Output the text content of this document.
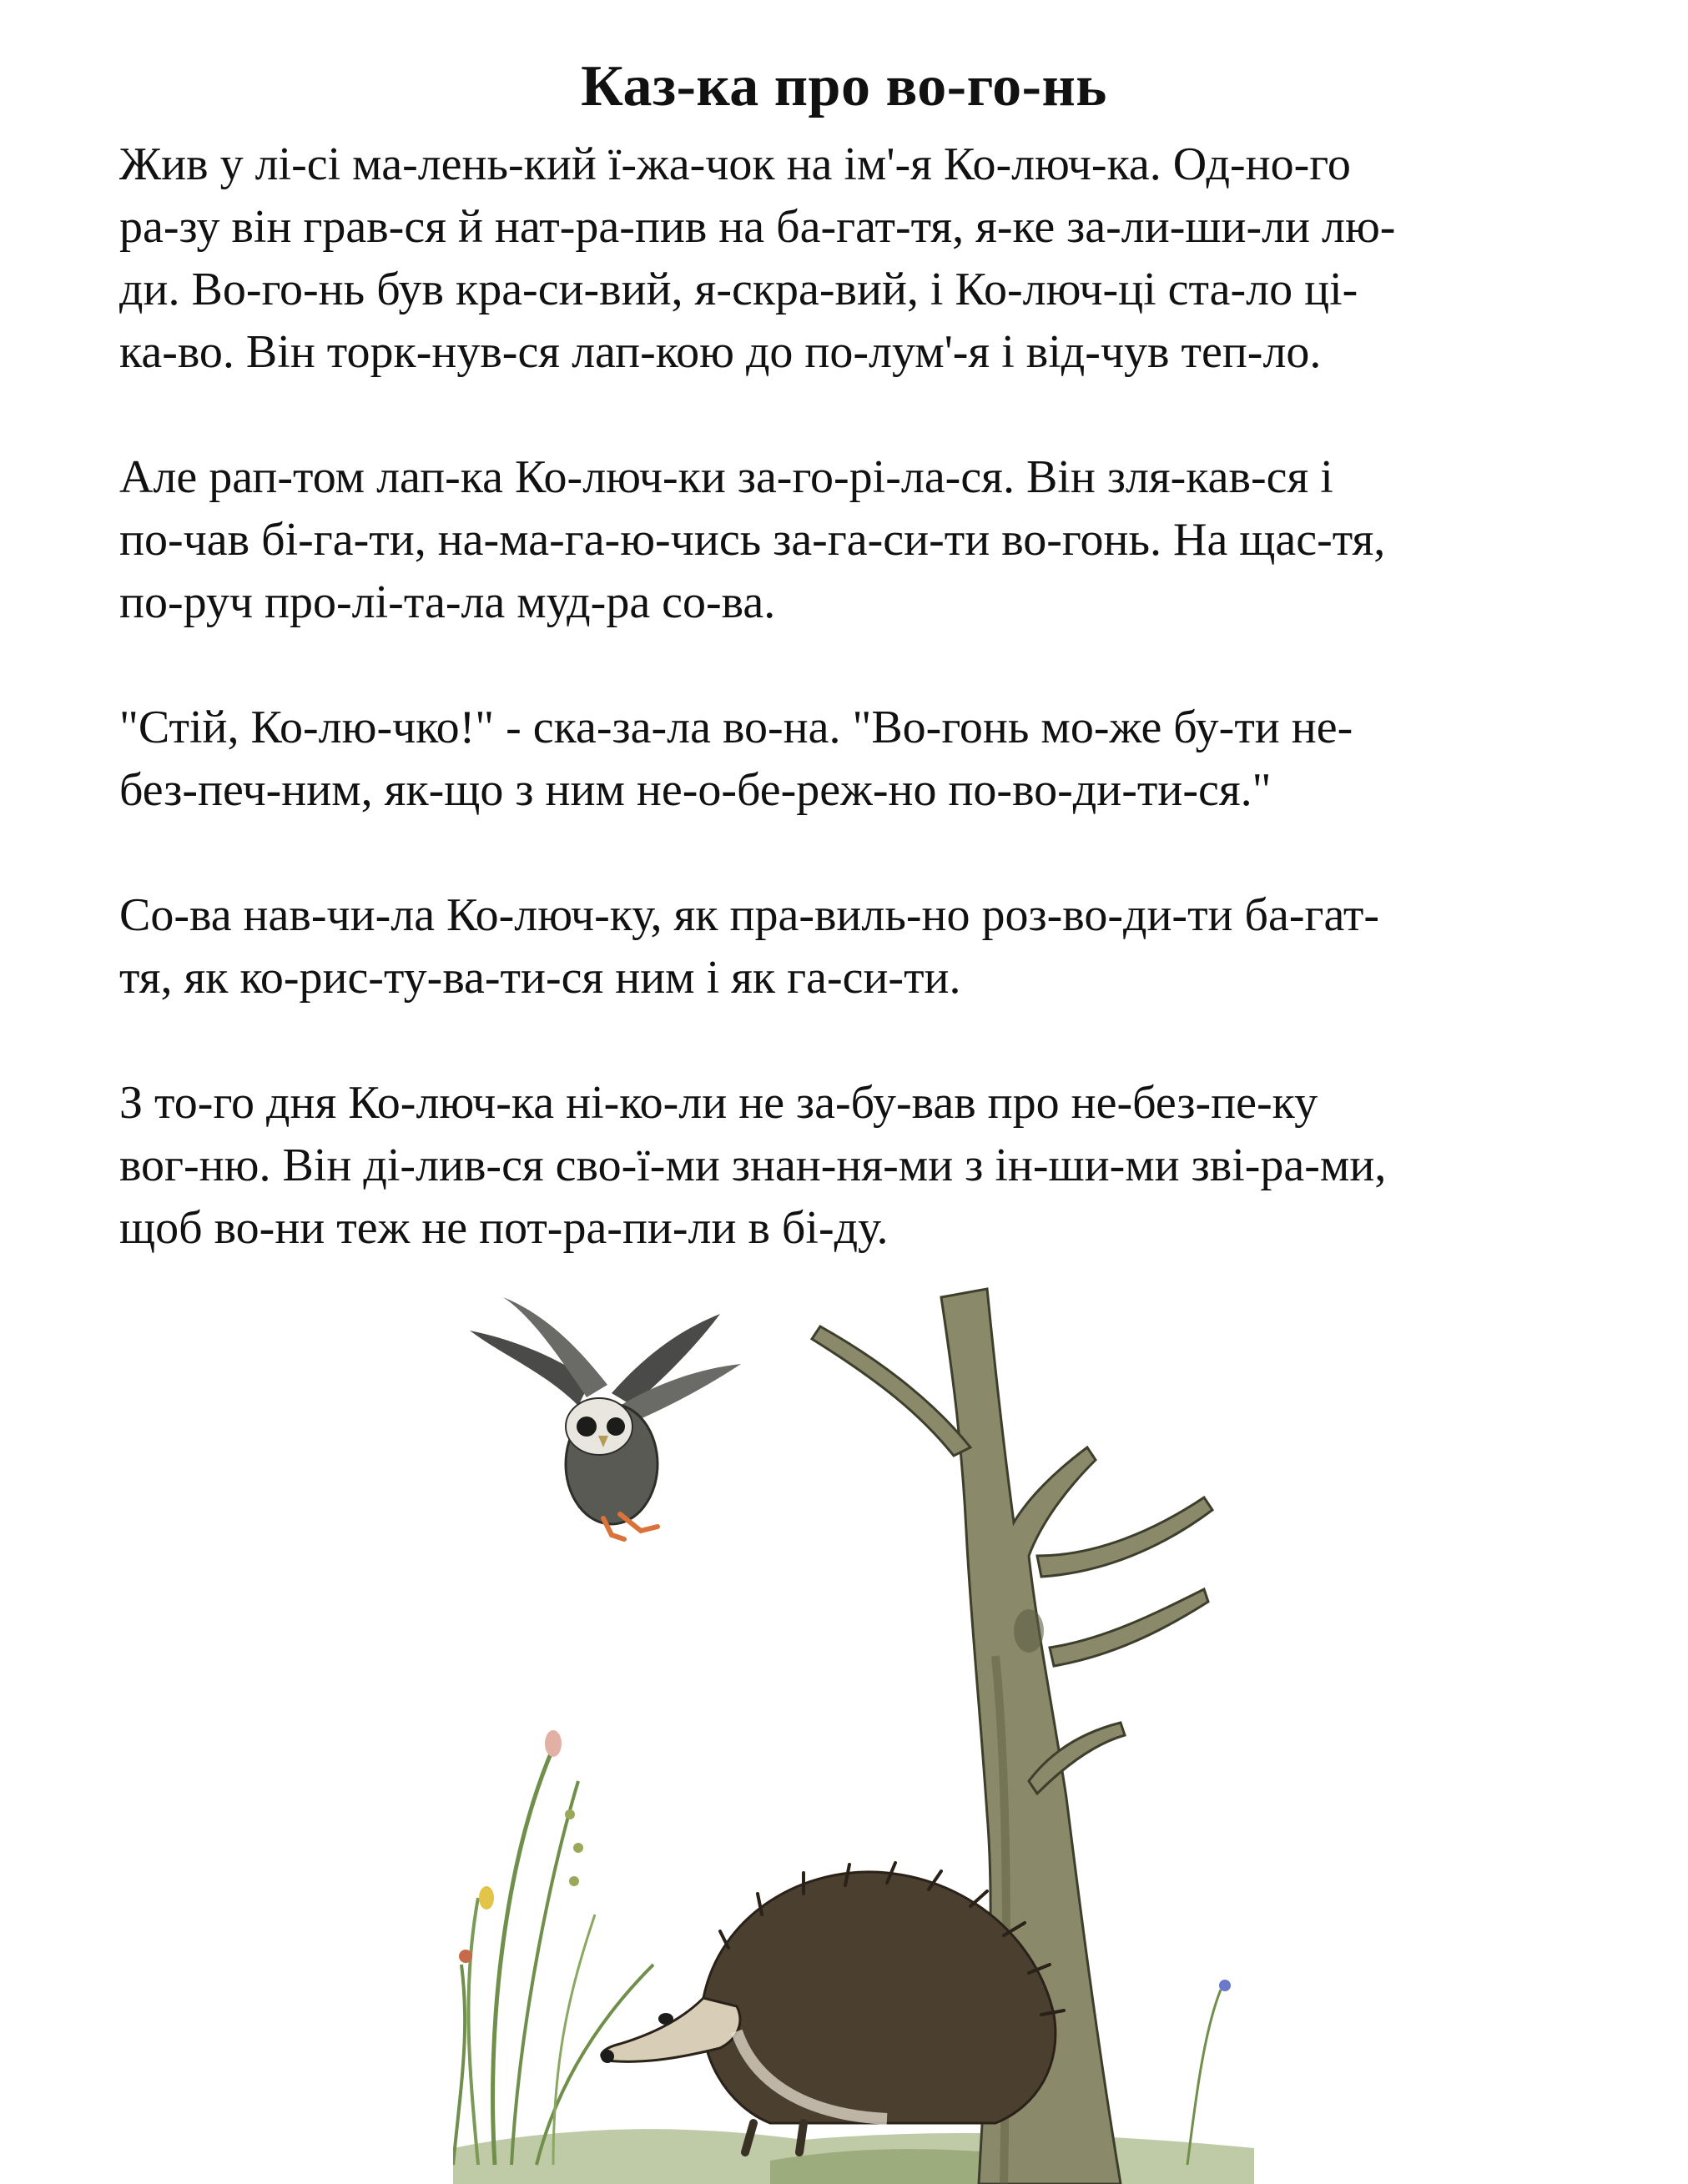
Каз-ка про во-го-нь

Жив у лі-сі ма-лень-кий ї-жа-чок на ім'-я Ко-люч-ка. Од-но-го
ра-зу він грав-ся й нат-ра-пив на ба-гат-тя, я-ке за-ли-ши-ли лю-
ди. Во-го-нь був кра-си-вий, я-скра-вий, і Ко-люч-ці ста-ло ці-
ка-во. Він торк-нув-ся лап-кою до по-лум'-я і від-чув теп-ло.

Але рап-том лап-ка Ко-люч-ки за-го-рі-ла-ся. Він зля-кав-ся і
по-чав бі-га-ти, на-ма-га-ю-чись за-га-си-ти во-гонь. На щас-тя,
по-руч про-лі-та-ла муд-ра со-ва.

"Стій, Ко-лю-чко!" - ска-за-ла во-на. "Во-гонь мо-же бу-ти не-
без-печ-ним, як-що з ним не-о-бе-реж-но по-во-ди-ти-ся."

Со-ва нав-чи-ла Ко-люч-ку, як пра-виль-но роз-во-ди-ти ба-гат-
тя, як ко-рис-ту-ва-ти-ся ним і як га-си-ти.

З то-го дня Ко-люч-ка ні-ко-ли не за-бу-вав про не-без-пе-ку
вог-ню. Він ді-лив-ся сво-ї-ми знан-ня-ми з ін-ши-ми зві-ра-ми,
щоб во-ни теж не пот-ра-пи-ли в бі-ду.
